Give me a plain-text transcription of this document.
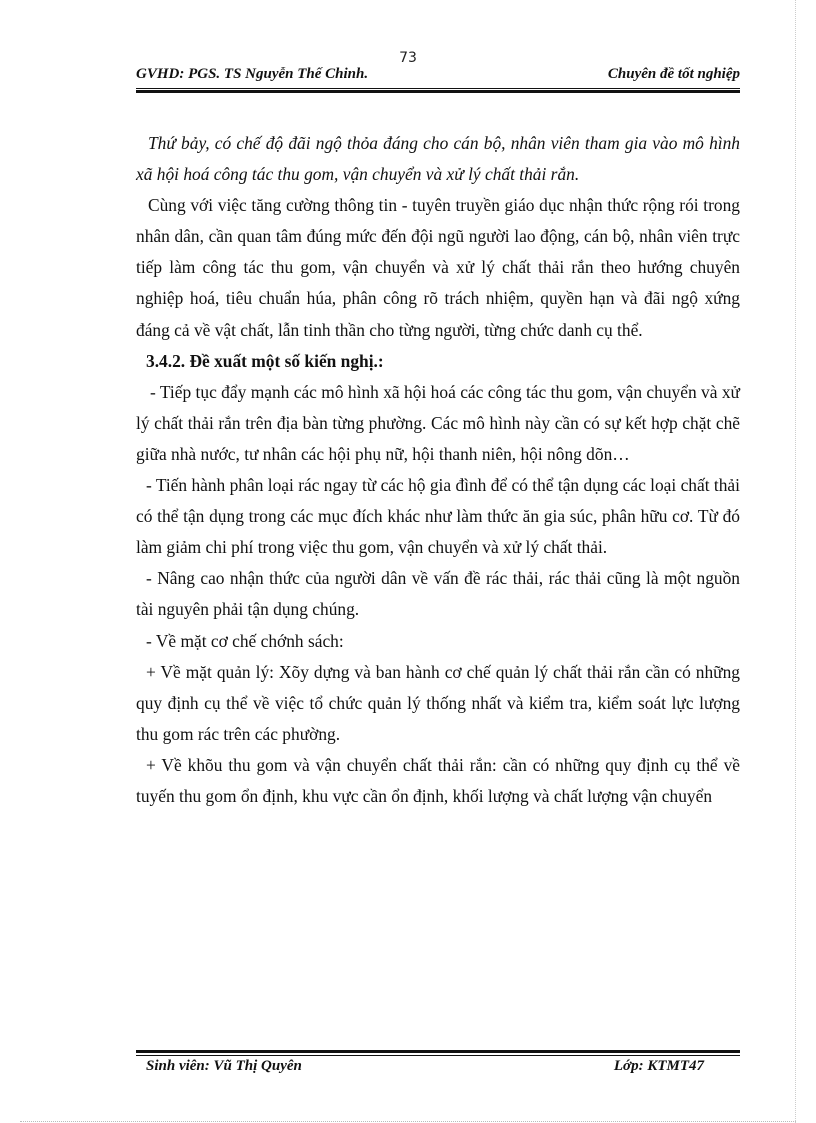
73
GVHD: PGS. TS Nguyễn Thế Chinh.	Chuyên đề tốt nghiệp

Thứ bảy, có chế độ đãi ngộ thỏa đáng cho cán bộ, nhân viên tham gia vào mô hình xã hội hoá công tác thu gom, vận chuyển và xử lý chất thải rắn.

Cùng với việc tăng cường thông tin - tuyên truyền giáo dục nhận thức rộng rói trong nhân dân, cần quan tâm đúng mức đến đội ngũ người lao động, cán bộ, nhân viên trực tiếp làm công tác thu gom, vận chuyển và xử lý chất thải rắn theo hướng chuyên nghiệp hoá, tiêu chuẩn húa, phân công rõ trách nhiệm, quyền hạn và đãi ngộ xứng đáng cả về vật chất, lẫn tinh thần cho từng người, từng chức danh cụ thể.

3.4.2. Đề xuất một số kiến nghị.:

- Tiếp tục đẩy mạnh các mô hình xã hội hoá các công tác thu gom, vận chuyển và xử lý chất thải rắn trên địa bàn từng phường. Các mô hình này cần có sự kết hợp chặt chẽ giữa nhà nước, tư nhân các hội phụ nữ, hội thanh niên, hội nông dõn…

- Tiến hành phân loại rác ngay từ các hộ gia đình để có thể tận dụng các loại chất thải có thể tận dụng trong các mục đích khác như làm thức ăn gia súc, phân hữu cơ. Từ đó làm giảm chi phí trong việc thu gom, vận chuyển và xử lý chất thải.

- Nâng cao nhận thức của người dân về vấn đề rác thải, rác thải cũng là một nguồn tài nguyên phải tận dụng chúng.

- Về mặt cơ chế chớnh sách:

+ Về mặt quản lý: Xõy dựng và ban hành cơ chế quản lý chất thải rắn cần có những quy định cụ thể về việc tổ chức quản lý thống nhất và kiểm tra, kiểm soát lực lượng thu gom rác trên các phường.

+ Về khõu thu gom và vận chuyển chất thải rắn: cần có những quy định cụ thể về tuyến thu gom ổn định, khu vực cần ổn định, khối lượng và chất lượng vận chuyển

Sinh viên: Vũ Thị Quyên	Lớp: KTMT47
